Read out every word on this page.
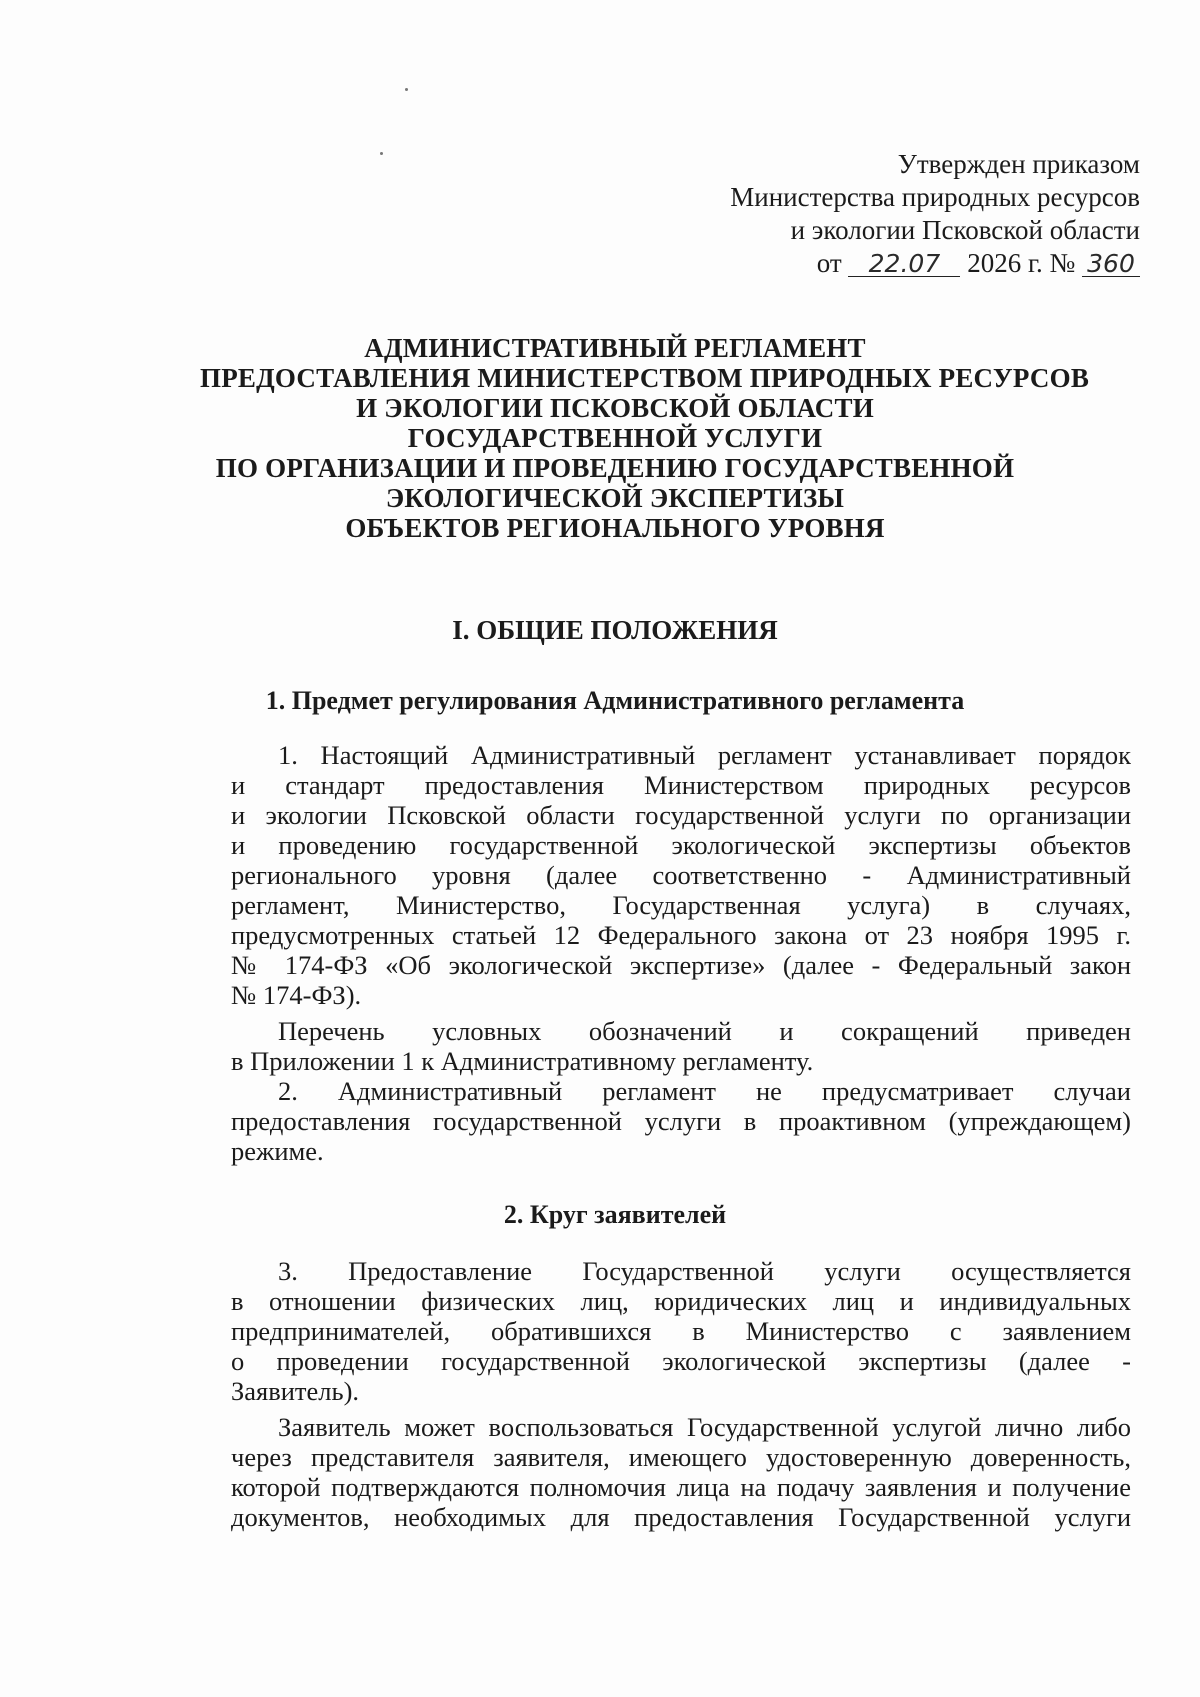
Утвержден приказом
Министерства природных ресурсов
и экологии Псковской области
от 22.07 2026 г. № 360
АДМИНИСТРАТИВНЫЙ РЕГЛАМЕНТ
ПРЕДОСТАВЛЕНИЯ МИНИСТЕРСТВОМ ПРИРОДНЫХ РЕСУРСОВ
И ЭКОЛОГИИ ПСКОВСКОЙ ОБЛАСТИ
ГОСУДАРСТВЕННОЙ УСЛУГИ
ПО ОРГАНИЗАЦИИ И ПРОВЕДЕНИЮ ГОСУДАРСТВЕННОЙ
ЭКОЛОГИЧЕСКОЙ ЭКСПЕРТИЗЫ
ОБЪЕКТОВ РЕГИОНАЛЬНОГО УРОВНЯ
I. ОБЩИЕ ПОЛОЖЕНИЯ
1. Предмет регулирования Административного регламента
1. Настоящий Административный регламент устанавливает порядок
и стандарт предоставления Министерством природных ресурсов
и экологии Псковской области государственной услуги по организации
и проведению государственной экологической экспертизы объектов
регионального уровня (далее соответственно - Административный
регламент, Министерство, Государственная услуга) в случаях,
предусмотренных статьей 12 Федерального закона от 23 ноября 1995 г.
№ 174-ФЗ «Об экологической экспертизе» (далее - Федеральный закон
№ 174-ФЗ).
Перечень условных обозначений и сокращений приведен
в Приложении 1 к Административному регламенту.
2. Административный регламент не предусматривает случаи
предоставления государственной услуги в проактивном (упреждающем)
режиме.
2. Круг заявителей
3. Предоставление Государственной услуги осуществляется
в отношении физических лиц, юридических лиц и индивидуальных
предпринимателей, обратившихся в Министерство с заявлением
о проведении государственной экологической экспертизы (далее -
Заявитель).
Заявитель может воспользоваться Государственной услугой лично либо
через представителя заявителя, имеющего удостоверенную доверенность,
которой подтверждаются полномочия лица на подачу заявления и получение
документов, необходимых для предоставления Государственной услуги
